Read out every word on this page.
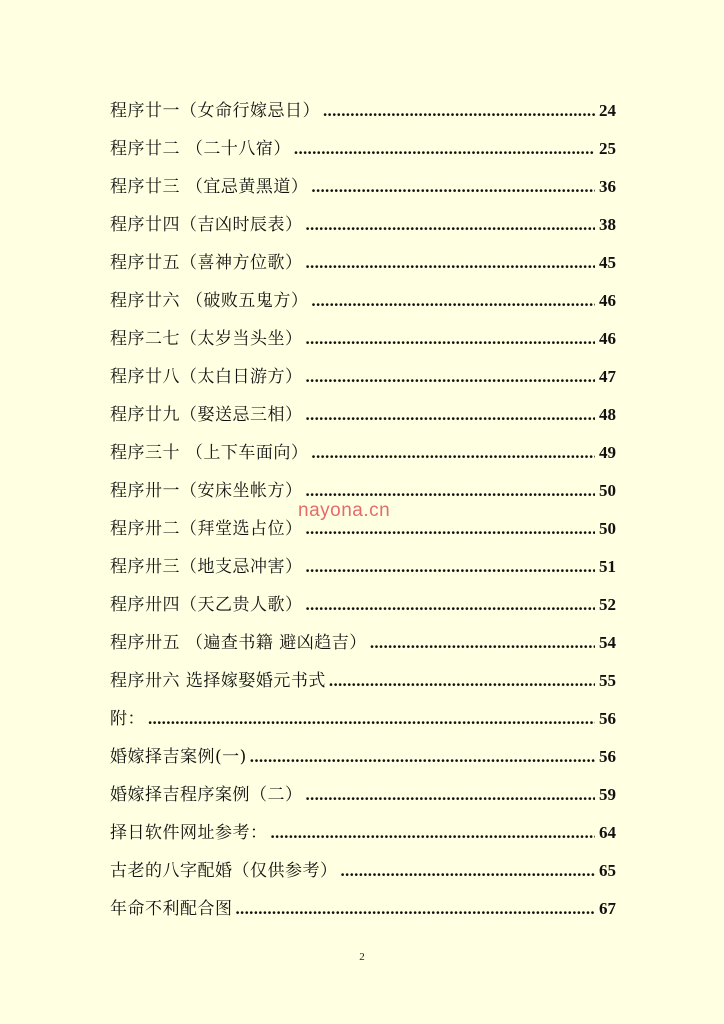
程序廿一（女命行嫁忌日） .....	24
程序廿二 （二十八宿） .....	25
程序廿三 （宜忌黄黑道） .....	36
程序廿四（吉凶时辰表） .....	38
程序廿五（喜神方位歌） .....	45
程序廿六 （破败五鬼方） .....	46
程序二七（太岁当头坐） .....	46
程序廿八（太白日游方） .....	47
程序廿九（娶送忌三相） .....	48
程序三十 （上下车面向） .....	49
程序卅一（安床坐帐方） .....	50
程序卅二（拜堂选占位） .....	50
程序卅三（地支忌冲害） .....	51
程序卅四（天乙贵人歌） .....	52
程序卅五 （遍查书籍 避凶趋吉） .....	54
程序卅六 选择嫁娶婚元书式 .....	55
附： .....	56
婚嫁择吉案例(一) .....	56
婚嫁择吉程序案例（二） .....	59
择日软件网址参考： .....	64
古老的八字配婚（仅供参考） .....	65
年命不利配合图 .....	67
nayona.cn
2
